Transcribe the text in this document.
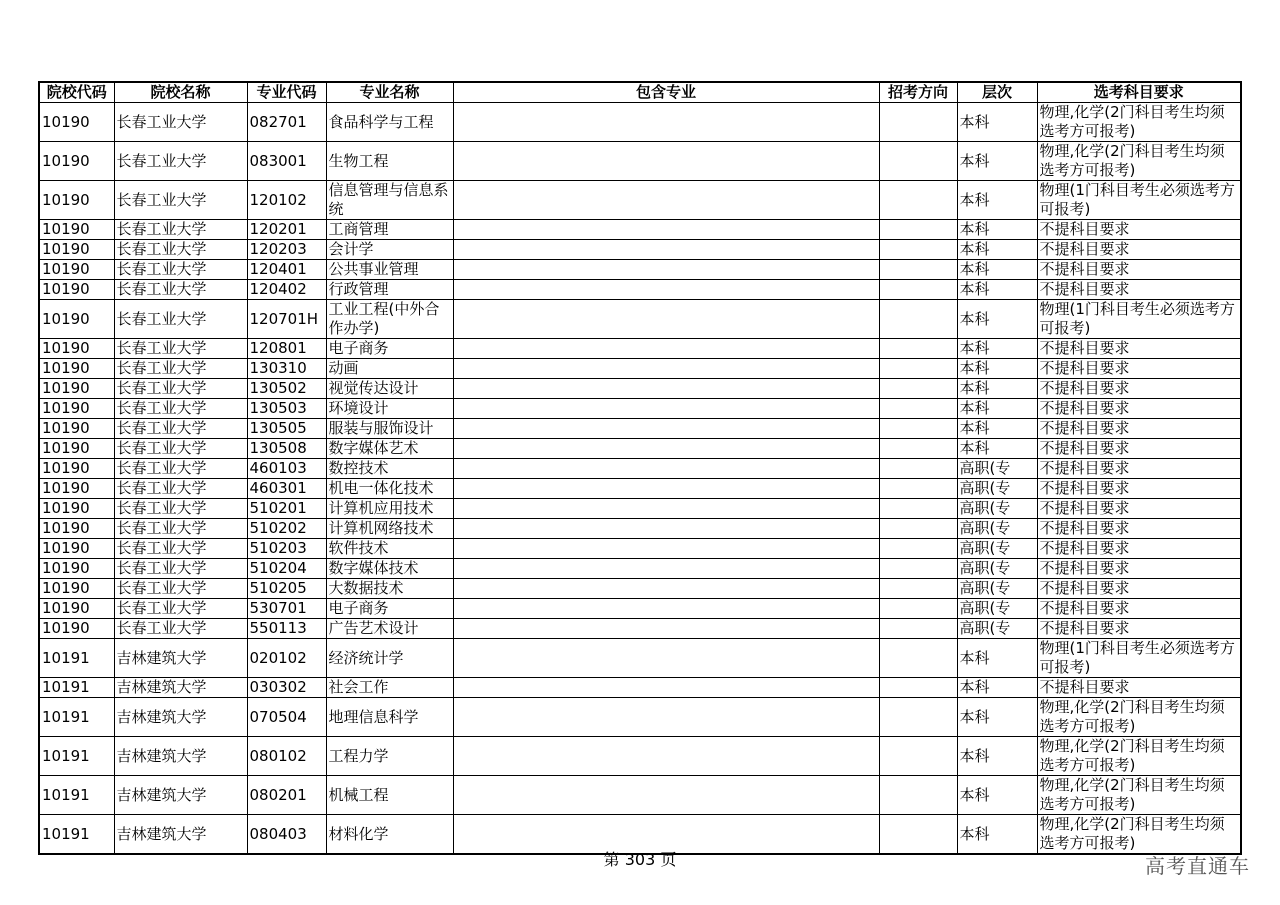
院校代码	院校名称	专业代码	专业名称	包含专业	招考方向	层次	选考科目要求
10190	长春工业大学	082701	食品科学与工程			本科	物理,化学(2门科目考生均须选考方可报考)
10190	长春工业大学	083001	生物工程			本科	物理,化学(2门科目考生均须选考方可报考)
10190	长春工业大学	120102	信息管理与信息系统			本科	物理(1门科目考生必须选考方可报考)
10190	长春工业大学	120201	工商管理			本科	不提科目要求
10190	长春工业大学	120203	会计学			本科	不提科目要求
10190	长春工业大学	120401	公共事业管理			本科	不提科目要求
10190	长春工业大学	120402	行政管理			本科	不提科目要求
10190	长春工业大学	120701H	工业工程(中外合作办学)			本科	物理(1门科目考生必须选考方可报考)
10190	长春工业大学	120801	电子商务			本科	不提科目要求
10190	长春工业大学	130310	动画			本科	不提科目要求
10190	长春工业大学	130502	视觉传达设计			本科	不提科目要求
10190	长春工业大学	130503	环境设计			本科	不提科目要求
10190	长春工业大学	130505	服装与服饰设计			本科	不提科目要求
10190	长春工业大学	130508	数字媒体艺术			本科	不提科目要求
10190	长春工业大学	460103	数控技术			高职(专	不提科目要求
10190	长春工业大学	460301	机电一体化技术			高职(专	不提科目要求
10190	长春工业大学	510201	计算机应用技术			高职(专	不提科目要求
10190	长春工业大学	510202	计算机网络技术			高职(专	不提科目要求
10190	长春工业大学	510203	软件技术			高职(专	不提科目要求
10190	长春工业大学	510204	数字媒体技术			高职(专	不提科目要求
10190	长春工业大学	510205	大数据技术			高职(专	不提科目要求
10190	长春工业大学	530701	电子商务			高职(专	不提科目要求
10190	长春工业大学	550113	广告艺术设计			高职(专	不提科目要求
10191	吉林建筑大学	020102	经济统计学			本科	物理(1门科目考生必须选考方可报考)
10191	吉林建筑大学	030302	社会工作			本科	不提科目要求
10191	吉林建筑大学	070504	地理信息科学			本科	物理,化学(2门科目考生均须选考方可报考)
10191	吉林建筑大学	080102	工程力学			本科	物理,化学(2门科目考生均须选考方可报考)
10191	吉林建筑大学	080201	机械工程			本科	物理,化学(2门科目考生均须选考方可报考)
10191	吉林建筑大学	080403	材料化学			本科	物理,化学(2门科目考生均须选考方可报考)
第 303 页	高考直通车
